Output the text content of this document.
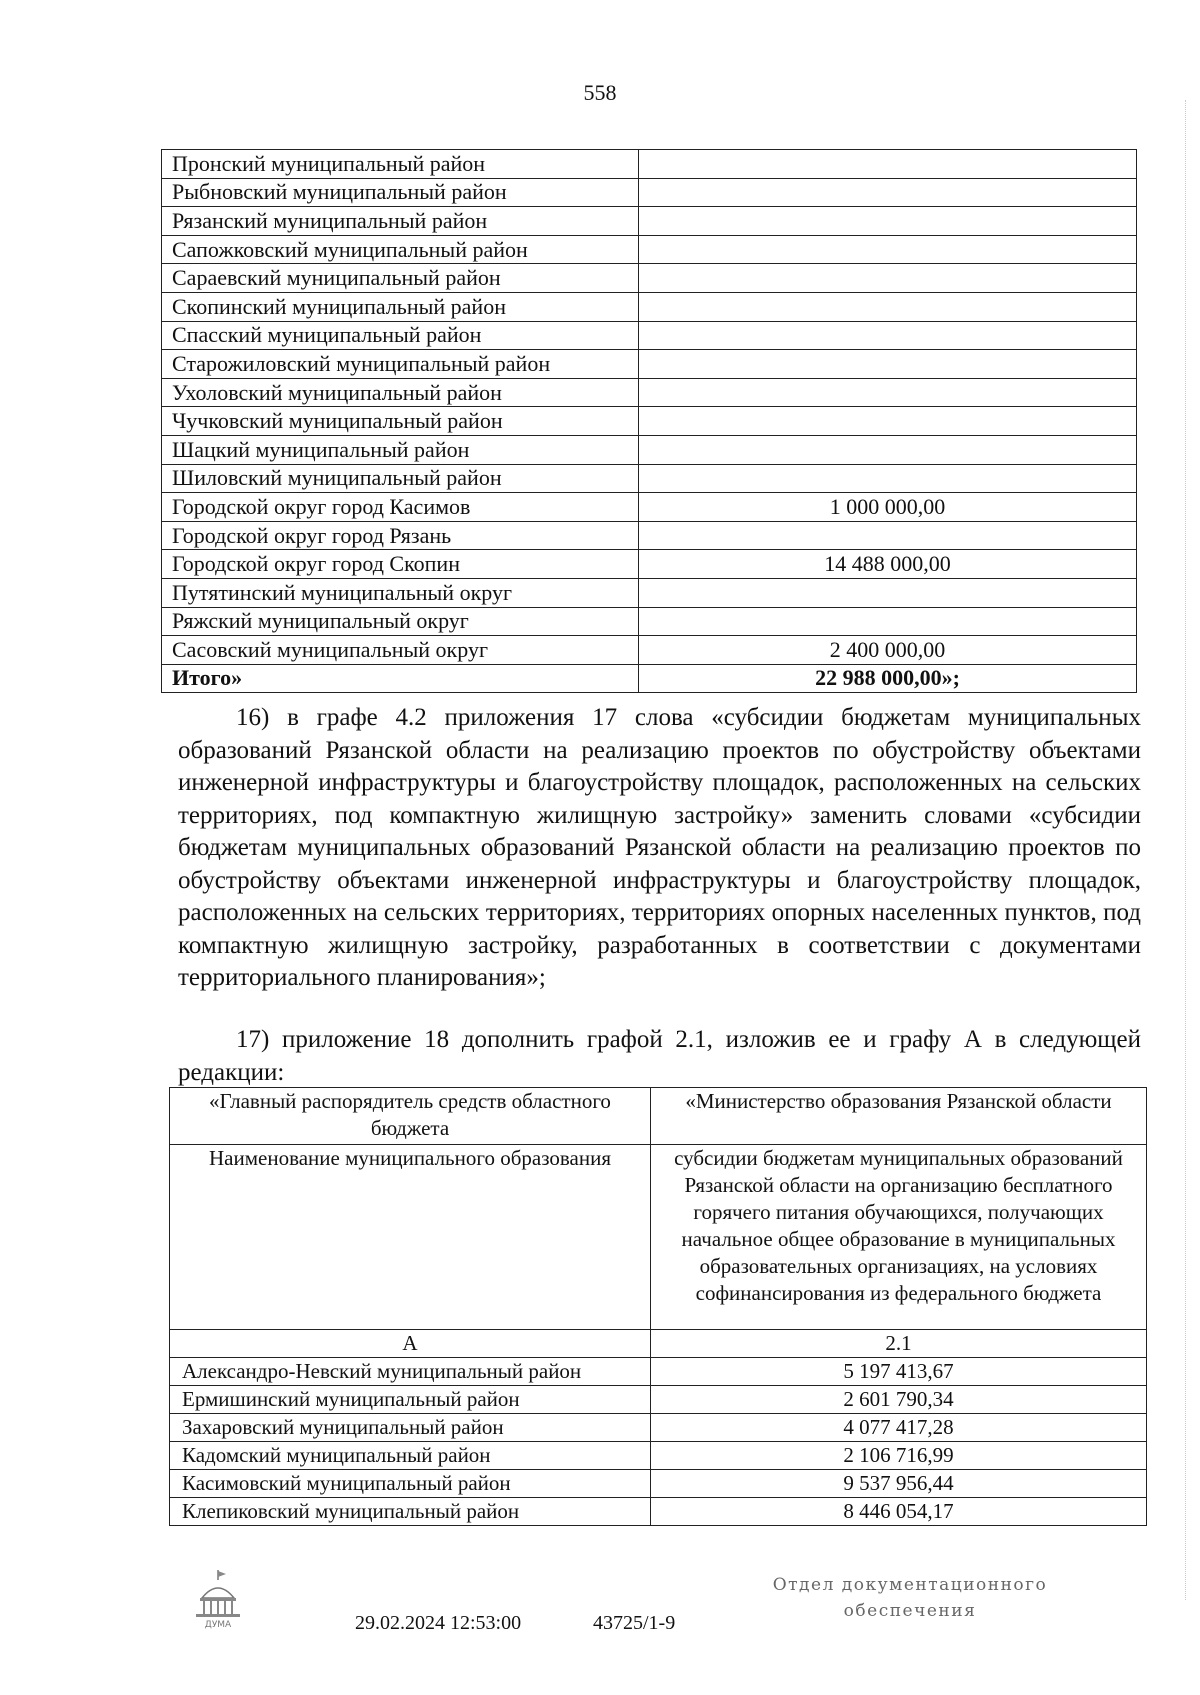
558
Пронский муниципальный район	
Рыбновский муниципальный район	
Рязанский муниципальный район	
Сапожковский муниципальный район	
Сараевский муниципальный район	
Скопинский муниципальный район	
Спасский муниципальный район	
Старожиловский муниципальный район	
Ухоловский муниципальный район	
Чучковский муниципальный район	
Шацкий муниципальный район	
Шиловский муниципальный район	
Городской округ город Касимов	1 000 000,00
Городской округ город Рязань	
Городской округ город Скопин	14 488 000,00
Путятинский муниципальный округ	
Ряжский муниципальный округ	
Сасовский муниципальный округ	2 400 000,00
Итого»	22 988 000,00»;

16) в графе 4.2 приложения 17 слова «субсидии бюджетам муниципальных образований Рязанской области на реализацию проектов по обустройству объектами инженерной инфраструктуры и благоустройству площадок, расположенных на сельских территориях, под компактную жилищную застройку» заменить словами «субсидии бюджетам муниципальных образований Рязанской области на реализацию проектов по обустройству объектами инженерной инфраструктуры и благоустройству площадок, расположенных на сельских территориях, территориях опорных населенных пунктов, под компактную жилищную застройку, разработанных в соответствии с документами территориального планирования»;

17) приложение 18 дополнить графой 2.1, изложив ее и графу А в следующей редакции:

«Главный распорядитель средств областного бюджета	«Министерство образования Рязанской области
Наименование муниципального образования	субсидии бюджетам муниципальных образований Рязанской области на организацию бесплатного горячего питания обучающихся, получающих начальное общее образование в муниципальных образовательных организациях, на условиях софинансирования из федерального бюджета
А	2.1
Александро-Невский муниципальный район	5 197 413,67
Ермишинский муниципальный район	2 601 790,34
Захаровский муниципальный район	4 077 417,28
Кадомский муниципальный район	2 106 716,99
Касимовский муниципальный район	9 537 956,44
Клепиковский муниципальный район	8 446 054,17
ДУМА	29.02.2024 12:53:00	43725/1-9
Отдел документационного
обеспечения
